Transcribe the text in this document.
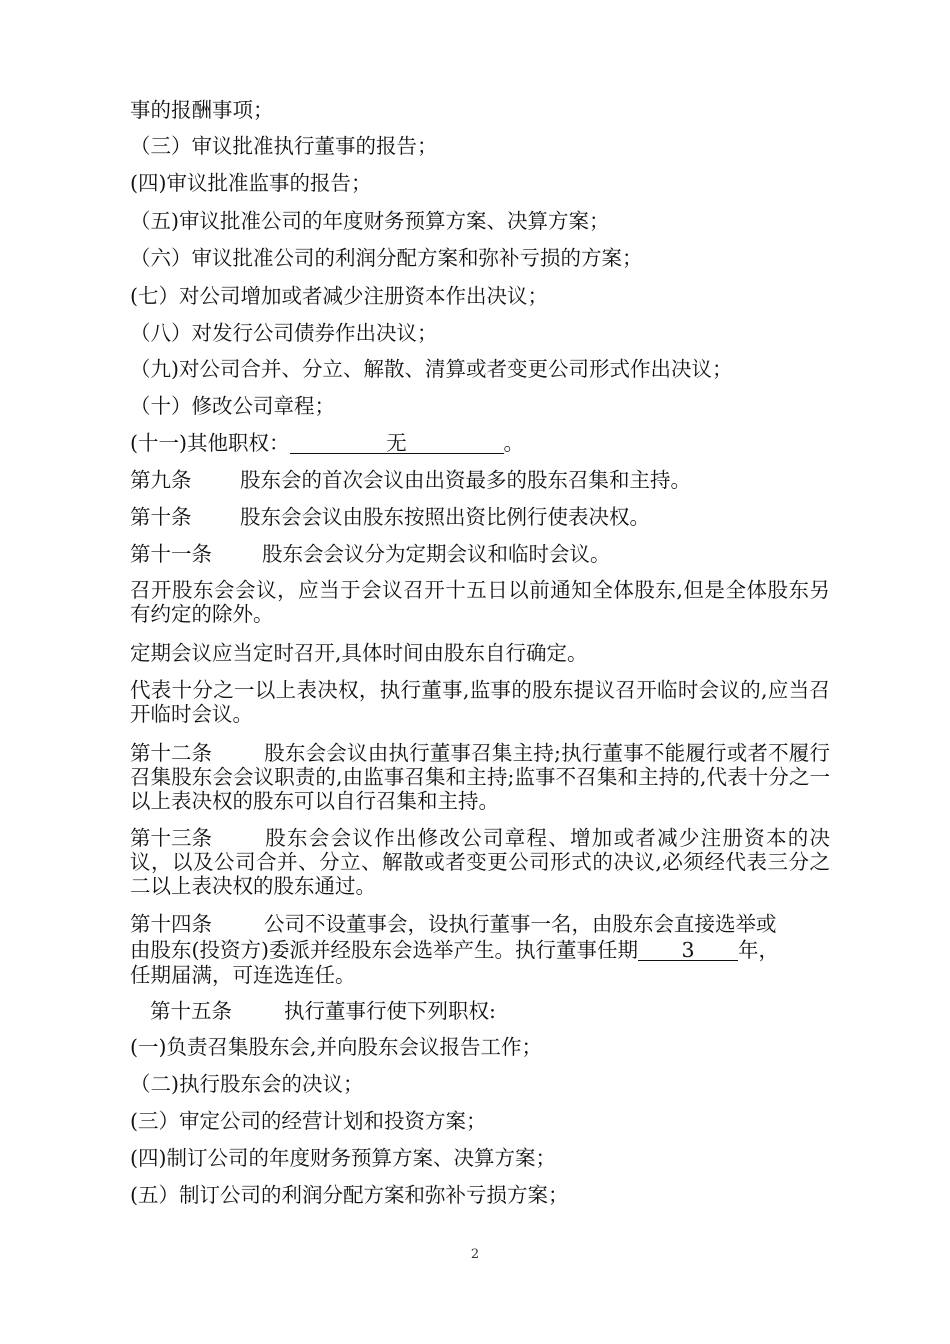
事的报酬事项；
（三）审议批准执行董事的报告；
(四)审议批准监事的报告；
（五)审议批准公司的年度财务预算方案、决算方案；
（六）审议批准公司的利润分配方案和弥补亏损的方案；
(七）对公司增加或者减少注册资本作出决议；
（八）对发行公司债券作出决议；
（九)对公司合并、分立、解散、清算或者变更公司形式作出决议；
（十）修改公司章程；
(十一)其他职权：	无	。
第九条 股东会的首次会议由出资最多的股东召集和主持。
第十条 股东会会议由股东按照出资比例行使表决权。
第十一条 股东会会议分为定期会议和临时会议。
召开股东会会议，应当于会议召开十五日以前通知全体股东,但是全体股东另有约定的除外。
定期会议应当定时召开,具体时间由股东自行确定。
代表十分之一以上表决权，执行董事,监事的股东提议召开临时会议的,应当召开临时会议。
第十二条	股东会会议由执行董事召集主持;执行董事不能履行或者不履行召集股东会会议职责的,由监事召集和主持;监事不召集和主持的,代表十分之一以上表决权的股东可以自行召集和主持。
第十三条	股东会会议作出修改公司章程、增加或者减少注册资本的决议，以及公司合并、分立、解散或者变更公司形式的决议,必须经代表三分之二以上表决权的股东通过。
第十四条	公司不设董事会，设执行董事一名，由股东会直接选举或
由股东(投资方)委派并经股东会选举产生。执行董事任期 3 年，
任期届满，可连选连任。
第十五条	执行董事行使下列职权:
(一)负责召集股东会,并向股东会议报告工作；
（二)执行股东会的决议；
(三）审定公司的经营计划和投资方案；
(四)制订公司的年度财务预算方案、决算方案；
(五）制订公司的利润分配方案和弥补亏损方案；
2
